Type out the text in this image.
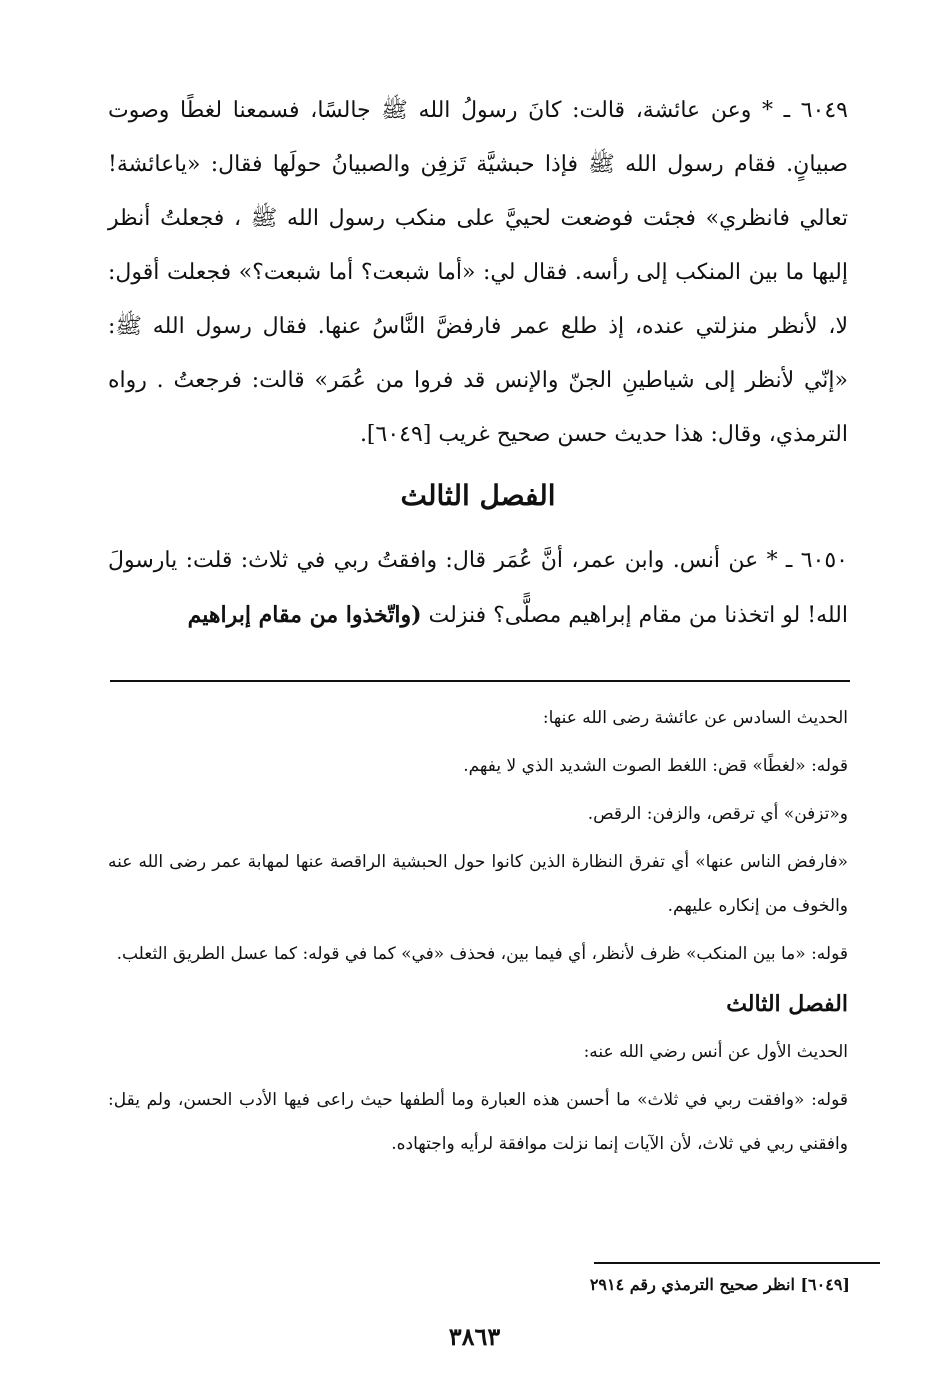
٦٠٤٩ ـ * وعن عائشة، قالت: كانَ رسولُ الله ﷺ جالسًا، فسمعنا لغطًا وصوت صبيانٍ. فقام رسول الله ﷺ فإذا حبشيَّة تَزفِن والصبيانُ حولَها فقال: «ياعائشة! تعالي فانظري» فجئت فوضعت لحييَّ على منكب رسول الله ﷺ ، فجعلتُ أنظر إليها ما بين المنكب إلى رأسه. فقال لي: «أما شبعت؟ أما شبعت؟» فجعلت أقول: لا، لأنظر منزلتي عنده، إذ طلع عمر فارفضَّ النَّاسُ عنها. فقال رسول الله ﷺ: «إنّي لأنظر إلى شياطينِ الجنّ والإنس قد فروا من عُمَر» قالت: فرجعتُ . رواه الترمذي، وقال: هذا حديث حسن صحيح غريب [٦٠٤٩].

الفصل الثالث

٦٠٥٠ ـ * عن أنس. وابن عمر، أنَّ عُمَر قال: وافقتُ ربي في ثلاث: قلت: يارسولَ الله! لو اتخذنا من مقام إبراهيم مصلًّى؟ فنزلت (واتّخذوا من مقام إبراهيم

الحديث السادس عن عائشة رضى الله عنها:

قوله: «لغطًا» قض: اللغط الصوت الشديد الذي لا يفهم.

و«تزفن» أي ترقص، والزفن: الرقص.

«فارفض الناس عنها» أي تفرق النظارة الذين كانوا حول الحبشية الراقصة عنها لمهابة عمر رضى الله عنه والخوف من إنكاره عليهم.

قوله: «ما بين المنكب» ظرف لأنظر، أي فيما بين، فحذف «في» كما في قوله: كما عسل الطريق الثعلب.

الفصل الثالث

الحديث الأول عن أنس رضي الله عنه:

قوله: «وافقت ربي في ثلاث» ما أحسن هذه العبارة وما ألطفها حيث راعى فيها الأدب الحسن، ولم يقل: وافقني ربي في ثلاث، لأن الآيات إنما نزلت موافقة لرأيه واجتهاده.

[٦٠٤٩] انظر صحيح الترمذي رقم ٢٩١٤
٣٨٦٣
